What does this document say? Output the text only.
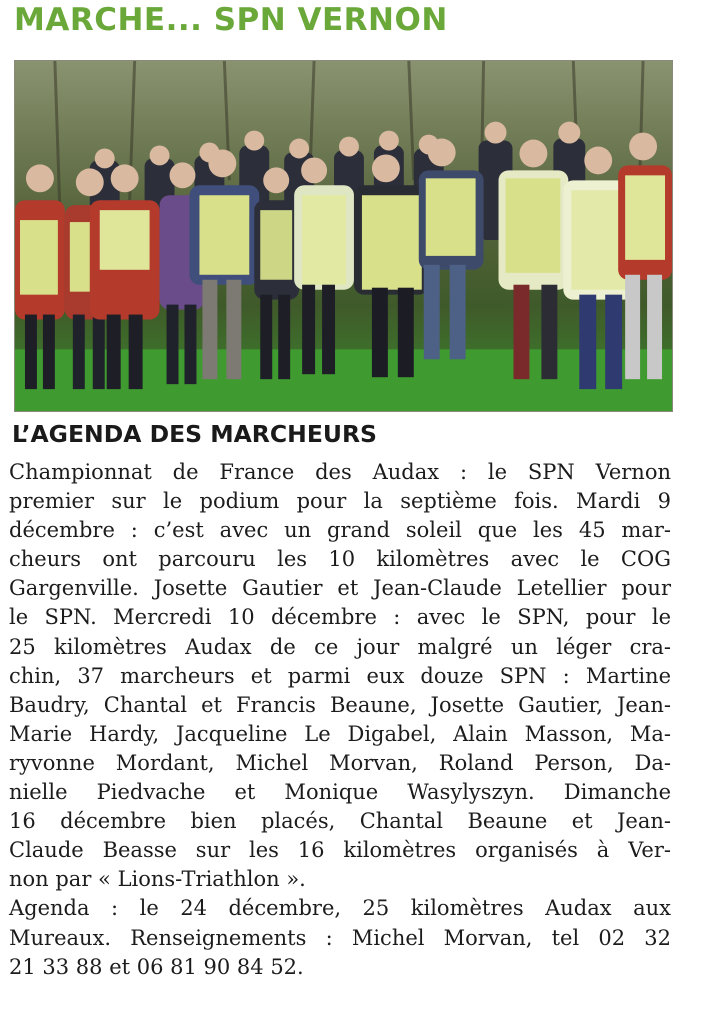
MARCHE... SPN VERNON
L’AGENDA DES MARCHEURS
Championnat de France des Audax : le SPN Vernon
premier sur le podium pour la septième fois. Mardi 9
décembre : c’est avec un grand soleil que les 45 mar-
cheurs ont parcouru les 10 kilomètres avec le COG
Gargenville. Josette Gautier et Jean-Claude Letellier pour
le SPN. Mercredi 10 décembre : avec le SPN, pour le
25 kilomètres Audax de ce jour malgré un léger cra-
chin, 37 marcheurs et parmi eux douze SPN : Martine
Baudry, Chantal et Francis Beaune, Josette Gautier, Jean-
Marie Hardy, Jacqueline Le Digabel, Alain Masson, Ma-
ryvonne Mordant, Michel Morvan, Roland Person, Da-
nielle Piedvache et Monique Wasylyszyn. Dimanche
16 décembre bien placés, Chantal Beaune et Jean-
Claude Beasse sur les 16 kilomètres organisés à Ver-
non par « Lions-Triathlon ».
Agenda : le 24 décembre, 25 kilomètres Audax aux
Mureaux. Renseignements : Michel Morvan, tel 02 32
21 33 88 et 06 81 90 84 52.
